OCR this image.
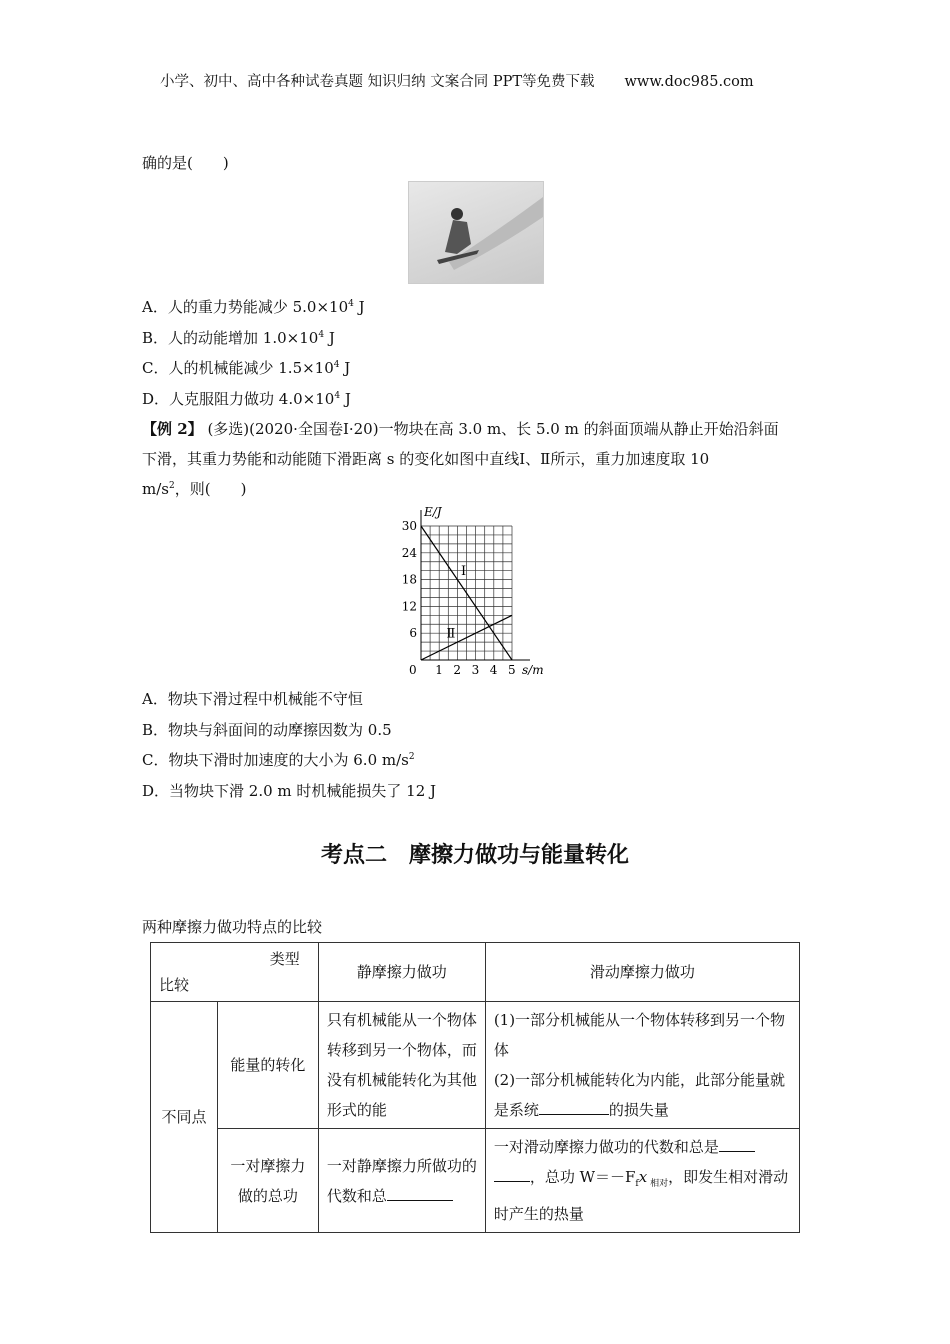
小学、初中、高中各种试卷真题 知识归纳 文案合同 PPT等免费下载 www.doc985.com
确的是(　　)
A．人的重力势能减少 $5.0\times 10^4$ J
B．人的动能增加 $1.0\times 10^4$ J
C．人的机械能减少 $1.5\times 10^4$ J
D．人克服阻力做功 $4.0\times 10^4$ J
【例 2】 (多选)(2020·全国卷Ⅰ·20)一物块在高 3.0 m、长 5.0 m 的斜面顶端从静止开始沿斜面
下滑，其重力势能和动能随下滑距离 s 的变化如图中直线Ⅰ、Ⅱ所示，重力加速度取 10
$m/s^2$，则(　　)
Ⅰ
Ⅱ
0 1 2 3 4 5
6
12
18
24
30
E/J
s/m
A．物块下滑过程中机械能不守恒
B．物块与斜面间的动摩擦因数为 0.5
C．物块下滑时加速度的大小为 6.0 $m/s^2$
D．当物块下滑 2.0 m 时机械能损失了 12 J
考点二　摩擦力做功与能量转化
两种摩擦力做功特点的比较
类型
比较		静摩擦力做功	滑动摩擦力做功
不同点	能量的转化	只有机械能从一个物体转移到另一个物体，而没有机械能转化为其他形式的能	(1)一部分机械能从一个物体转移到另一个物体
(2)一部分机械能转化为内能，此部分能量就是系统 的损失量

	一对摩擦力做的总功	一对静摩擦力所做功的代数和总	一对滑动摩擦力做功的代数和总是
，总功 $W=-F_fx$ $_{相对}$，即发生相对滑动时产生的热量
